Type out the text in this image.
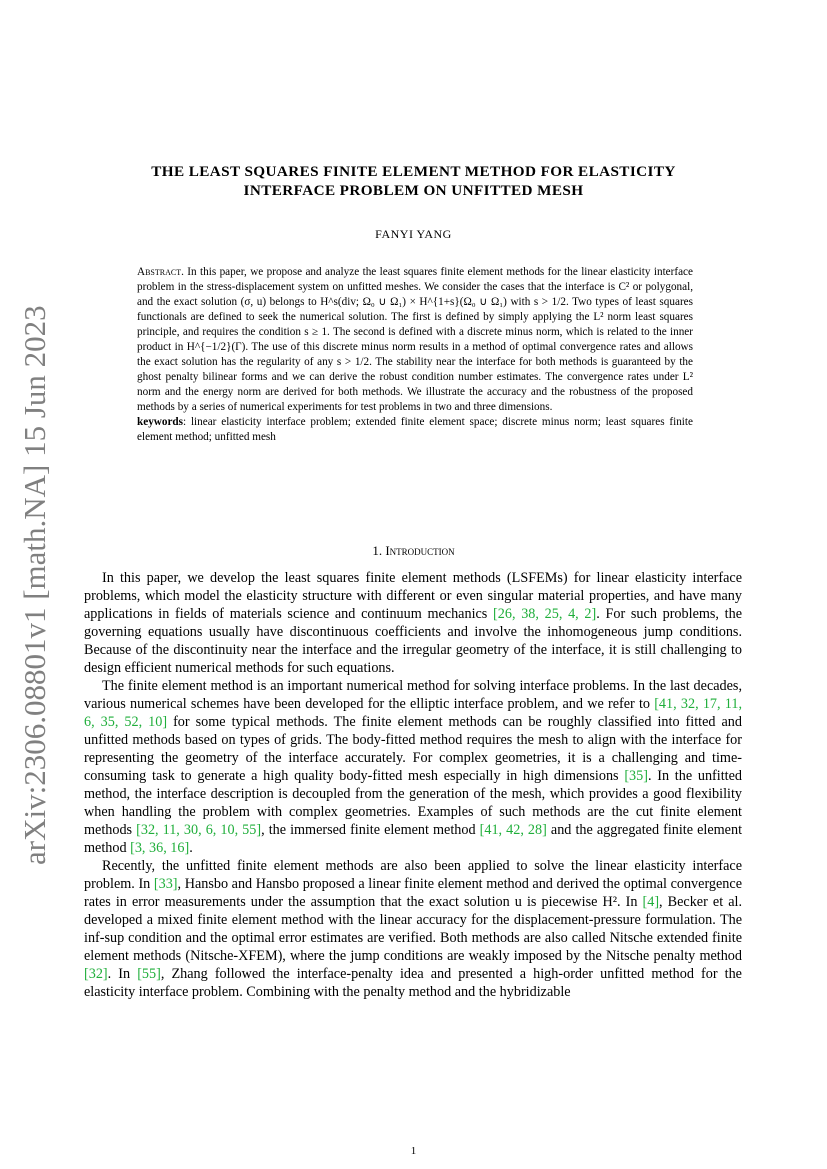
arXiv:2306.08801v1 [math.NA] 15 Jun 2023
THE LEAST SQUARES FINITE ELEMENT METHOD FOR ELASTICITY
INTERFACE PROBLEM ON UNFITTED MESH
FANYI YANG
Abstract. In this paper, we propose and analyze the least squares finite element methods for the linear elasticity interface problem in the stress-displacement system on unfitted meshes. We consider the cases that the interface is C² or polygonal, and the exact solution (σ, u) belongs to H^s(div; Ω₀ ∪ Ω₁) × H^{1+s}(Ω₀ ∪ Ω₁) with s > 1/2. Two types of least squares functionals are defined to seek the numerical solution. The first is defined by simply applying the L² norm least squares principle, and requires the condition s ≥ 1. The second is defined with a discrete minus norm, which is related to the inner product in H^{−1/2}(Γ). The use of this discrete minus norm results in a method of optimal convergence rates and allows the exact solution has the regularity of any s > 1/2. The stability near the interface for both methods is guaranteed by the ghost penalty bilinear forms and we can derive the robust condition number estimates. The convergence rates under L² norm and the energy norm are derived for both methods. We illustrate the accuracy and the robustness of the proposed methods by a series of numerical experiments for test problems in two and three dimensions.
keywords: linear elasticity interface problem; extended finite element space; discrete minus norm; least squares finite element method; unfitted mesh
1. Introduction

In this paper, we develop the least squares finite element methods (LSFEMs) for linear elasticity interface problems, which model the elasticity structure with different or even singular material properties, and have many applications in fields of materials science and continuum mechanics [26, 38, 25, 4, 2]. For such problems, the governing equations usually have discontinuous coefficients and involve the inhomogeneous jump conditions. Because of the discontinuity near the interface and the irregular geometry of the interface, it is still challenging to design efficient numerical methods for such equations.

The finite element method is an important numerical method for solving interface problems. In the last decades, various numerical schemes have been developed for the elliptic interface problem, and we refer to [41, 32, 17, 11, 6, 35, 52, 10] for some typical methods. The finite element methods can be roughly classified into fitted and unfitted methods based on types of grids. The body-fitted method requires the mesh to align with the interface for representing the geometry of the interface accurately. For complex geometries, it is a challenging and time-consuming task to generate a high quality body-fitted mesh especially in high dimensions [35]. In the unfitted method, the interface description is decoupled from the generation of the mesh, which provides a good flexibility when handling the problem with complex geometries. Examples of such methods are the cut finite element methods [32, 11, 30, 6, 10, 55], the immersed finite element method [41, 42, 28] and the aggregated finite element method [3, 36, 16].

Recently, the unfitted finite element methods are also been applied to solve the linear elasticity interface problem. In [33], Hansbo and Hansbo proposed a linear finite element method and derived the optimal convergence rates in error measurements under the assumption that the exact solution u is piecewise H². In [4], Becker et al. developed a mixed finite element method with the linear accuracy for the displacement-pressure formulation. The inf-sup condition and the optimal error estimates are verified. Both methods are also called Nitsche extended finite element methods (Nitsche-XFEM), where the jump conditions are weakly imposed by the Nitsche penalty method [32]. In [55], Zhang followed the interface-penalty idea and presented a high-order unfitted method for the elasticity interface problem. Combining with the penalty method and the hybridizable

1
